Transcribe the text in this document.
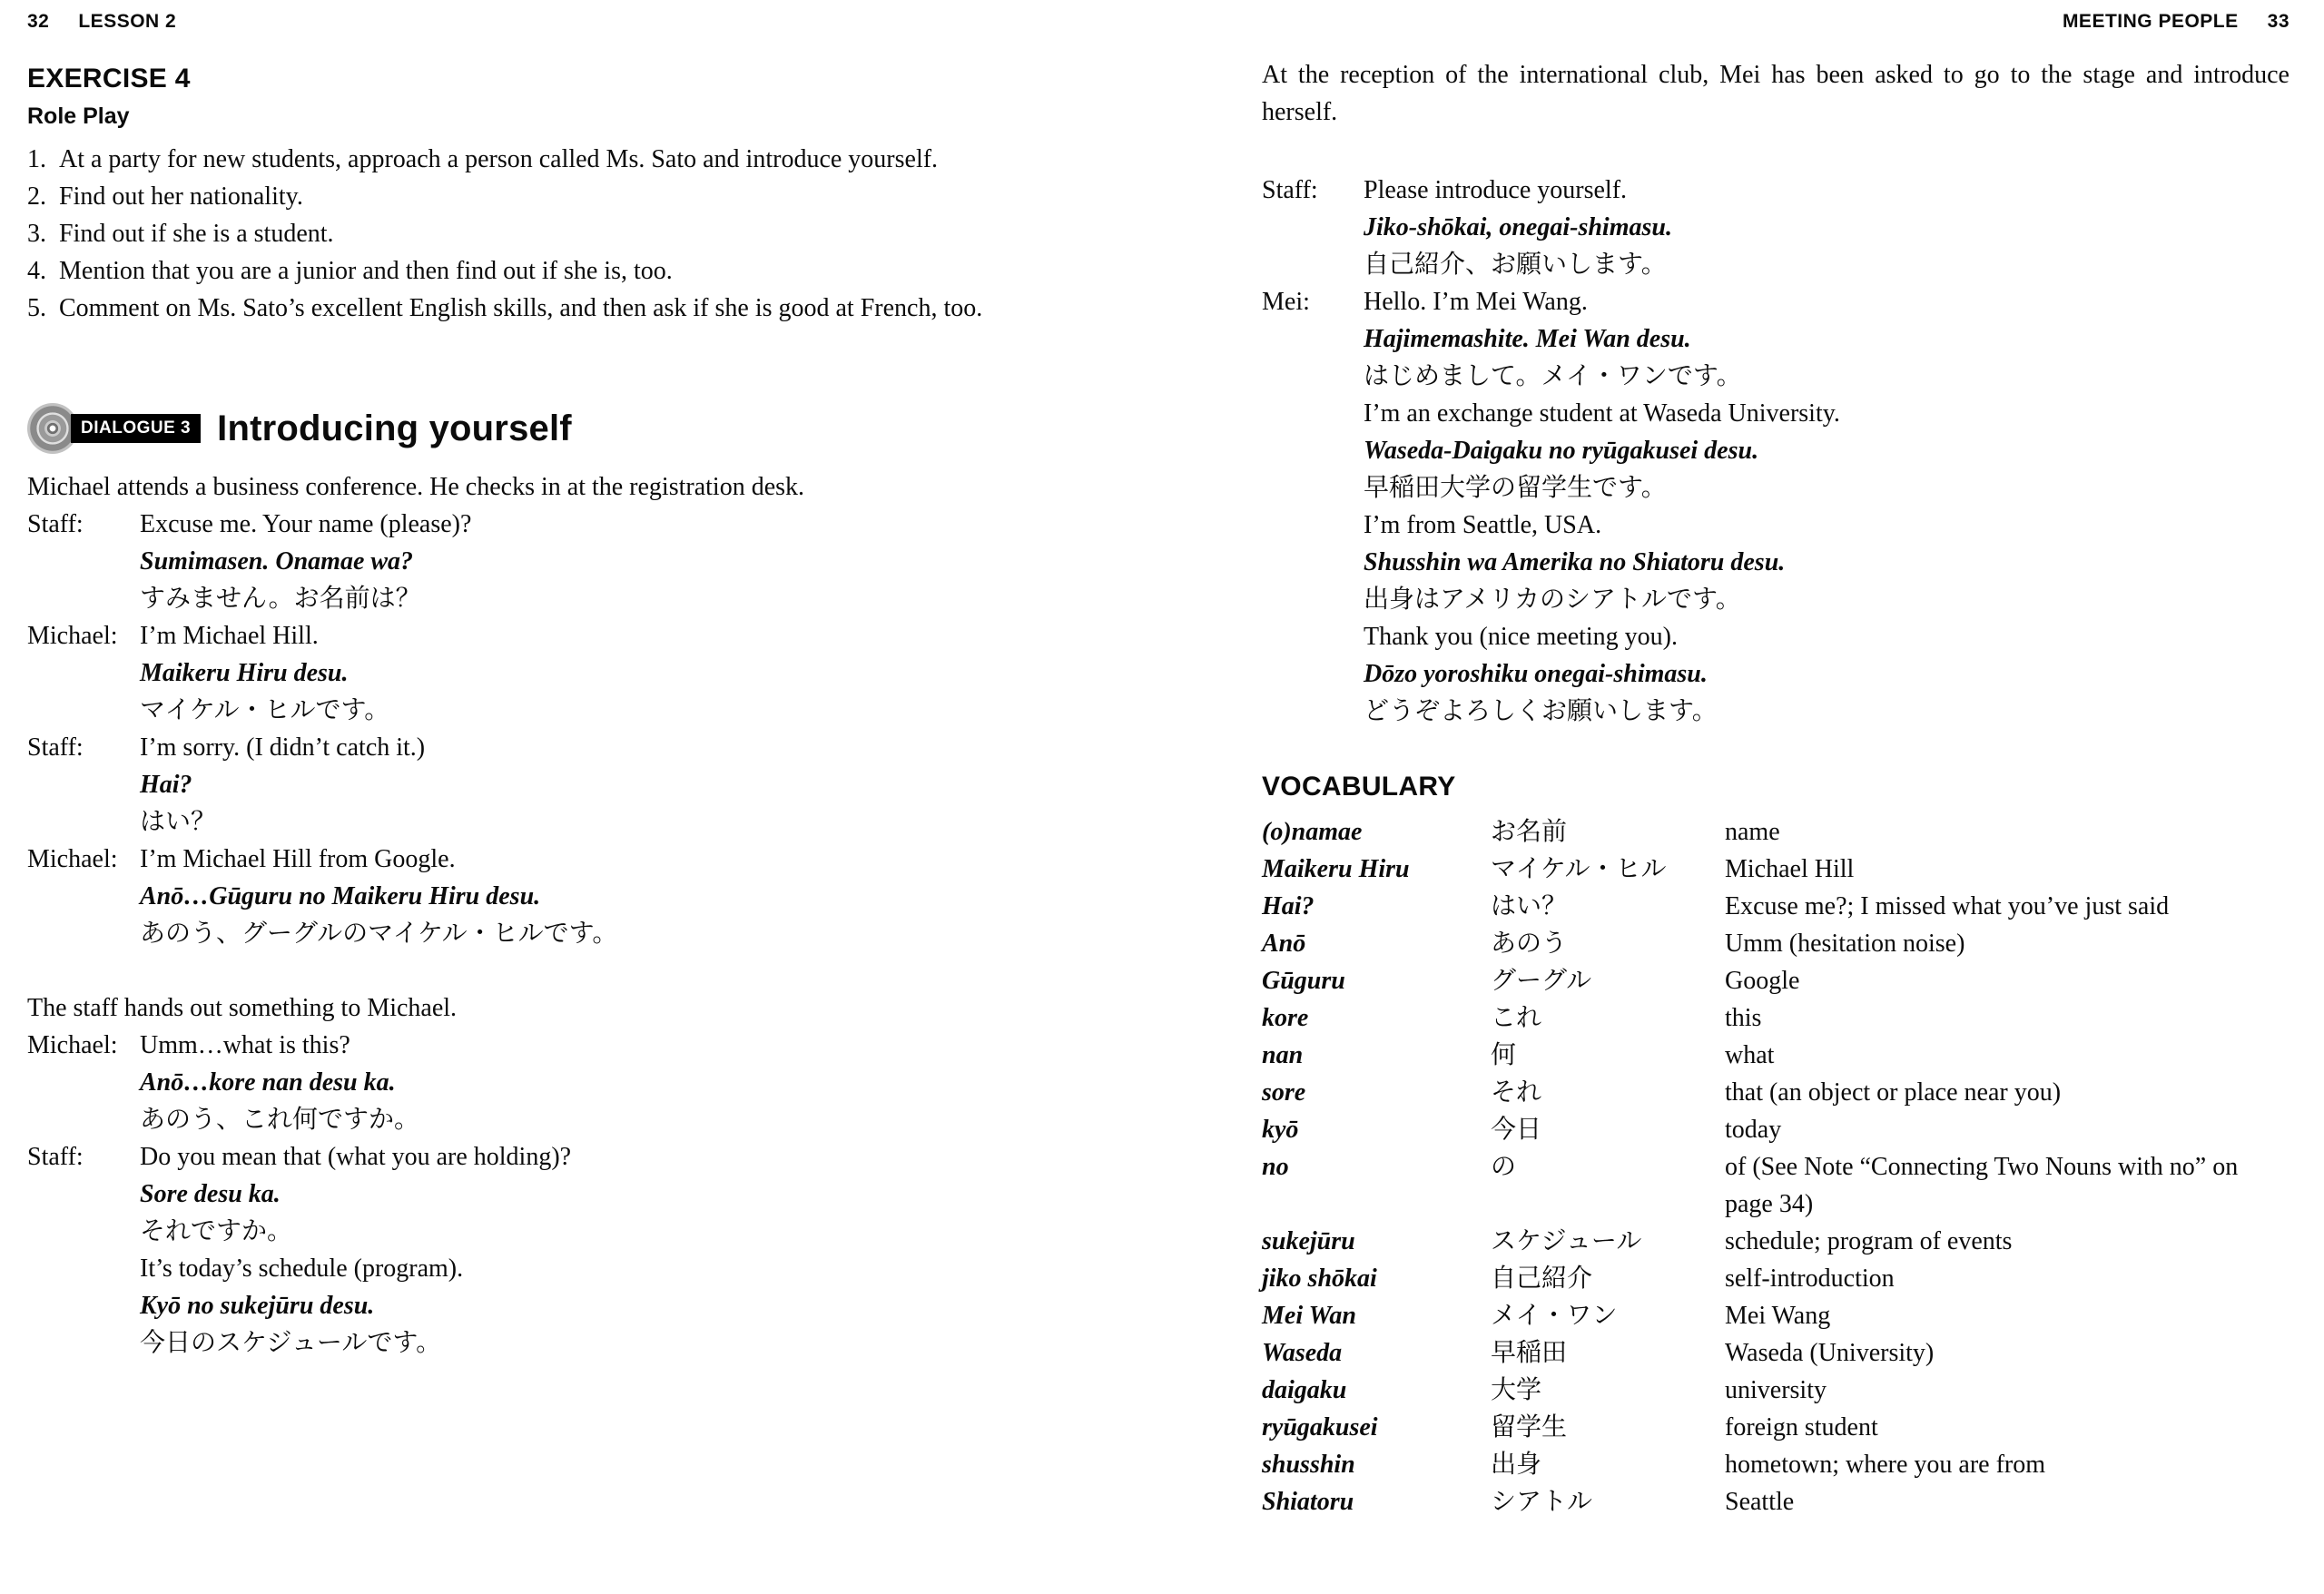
32 LESSON 2
EXERCISE 4
Role Play
1. At a party for new students, approach a person called Ms. Sato and introduce yourself.
2. Find out her nationality.
3. Find out if she is a student.
4. Mention that you are a junior and then find out if she is, too.
5. Comment on Ms. Sato’s excellent English skills, and then ask if she is good at French, too.
DIALOGUE 3 Introducing yourself

Michael attends a business conference. He checks in at the registration desk.

Staff:	Excuse me. Your name (please)?
Sumimasen. Onamae wa?
すみません。お名前は？
Michael: I’m Michael Hill.
Maikeru Hiru desu.
マイケル・ヒルです。
Staff:	I’m sorry. (I didn’t catch it.)
Hai?
はい？
Michael: I’m Michael Hill from Google.
Anō…Gūguru no Maikeru Hiru desu.
あのう、グーグルのマイケル・ヒルです。

The staff hands out something to Michael.

Michael: Umm…what is this?
Anō…kore nan desu ka.
あのう、これ何ですか。
Staff:	Do you mean that (what you are holding)?
Sore desu ka.
それですか。
It’s today’s schedule (program).
Kyō no sukejūru desu.
今日のスケジュールです。
MEETING PEOPLE 33

At the reception of the international club, Mei has been asked to go to the stage and introduce herself.

Staff:	Please introduce yourself.
Jiko-shōkai, onegai-shimasu.
自己紹介、お願いします。
Mei:	Hello. I’m Mei Wang.
Hajimemashite. Mei Wan desu.
はじめまして。メイ・ワンです。
I’m an exchange student at Waseda University.
Waseda-Daigaku no ryūgakusei desu.
早稲田大学の留学生です。
I’m from Seattle, USA.
Shusshin wa Amerika no Shiatoru desu.
出身はアメリカのシアトルです。
Thank you (nice meeting you).
Dōzo yoroshiku onegai-shimasu.
どうぞよろしくお願いします。
VOCABULARY
(o)namae	お名前	name
Maikeru Hiru	マイケル・ヒル	Michael Hill
Hai?	はい？	Excuse me?; I missed what you’ve just said
Anō	あのう	Umm (hesitation noise)
Gūguru	グーグル	Google
kore	これ	this
nan	何	what
sore	それ	that (an object or place near you)
kyō	今日	today
no	の	of (See Note “Connecting Two Nouns with no” on page 34)
sukejūru	スケジュール	schedule; program of events
jiko shōkai	自己紹介	self-introduction
Mei Wan	メイ・ワン	Mei Wang
Waseda	早稲田	Waseda (University)
daigaku	大学	university
ryūgakusei	留学生	foreign student
shusshin	出身	hometown; where you are from
Shiatoru	シアトル	Seattle
